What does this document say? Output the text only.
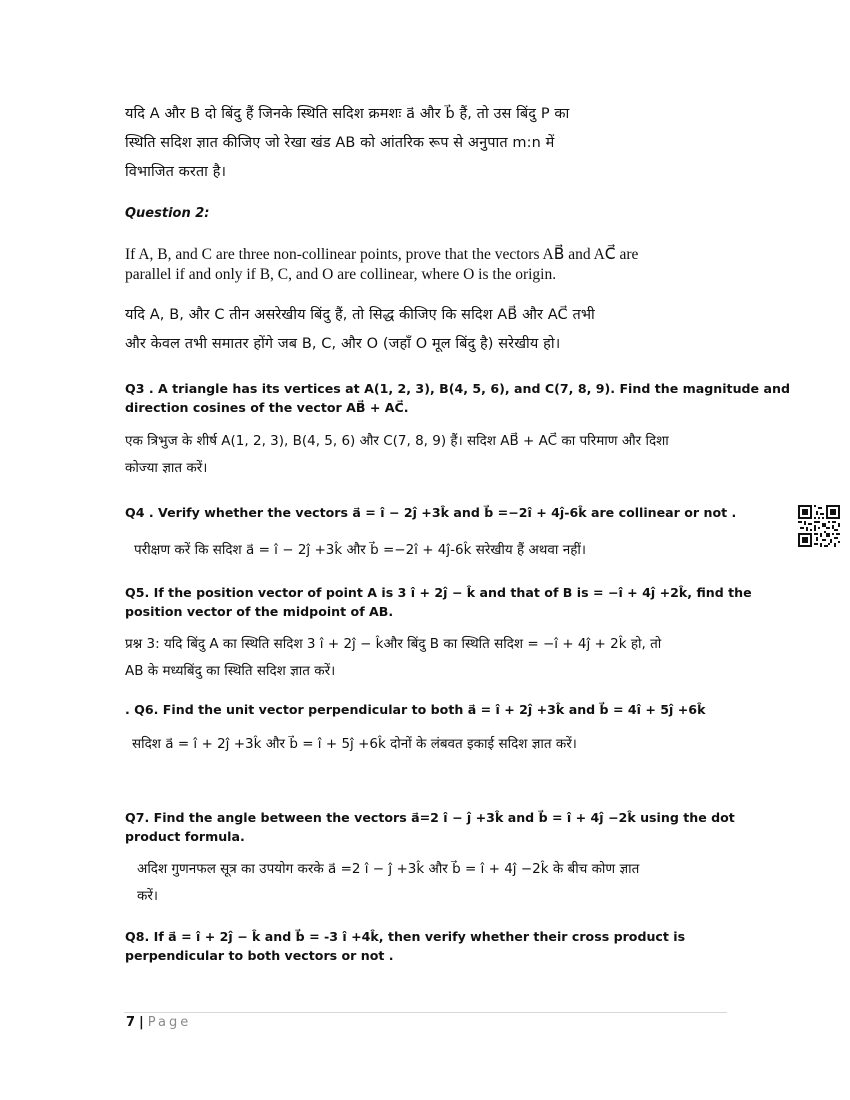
यदि A और B दो बिंदु हैं जिनके स्थिति सदिश क्रमशः a⃗ और b⃗ हैं, तो उस बिंदु P का
स्थिति सदिश ज्ञात कीजिए जो रेखा खंड AB को आंतरिक रूप से अनुपात m:n में
विभाजित करता है।
Question 2:
If A, B, and C are three non-collinear points, prove that the vectors AB⃗ and AC⃗ are
parallel if and only if B, C, and O are collinear, where O is the origin.
यदि A, B, और C तीन असरेखीय बिंदु हैं, तो सिद्ध कीजिए कि सदिश AB⃗ और AC⃗ तभी
और केवल तभी समातर होंगे जब B, C, और O (जहाँ O मूल बिंदु है) सरेखीय हो।
Q3 . A triangle has its vertices at A(1, 2, 3), B(4, 5, 6), and C(7, 8, 9). Find the magnitude and
direction cosines of the vector AB⃗ + AC⃗.
एक त्रिभुज के शीर्ष A(1, 2, 3), B(4, 5, 6) और C(7, 8, 9) हैं। सदिश AB⃗ + AC⃗ का परिमाण और दिशा
कोज्या ज्ञात करें।
Q4 . Verify whether the vectors a⃗ = î − 2ĵ +3k̂ and b⃗ =−2î + 4ĵ-6k̂ are collinear or not .
परीक्षण करें कि सदिश a⃗ = î − 2ĵ +3k̂ और b⃗ =−2î + 4ĵ-6k̂ सरेखीय हैं अथवा नहीं।
Q5. If the position vector of point A is 3 î + 2ĵ − k̂ and that of B is = −î + 4ĵ +2k̂, find the
position vector of the midpoint of AB.
प्रश्न 3: यदि बिंदु A का स्थिति सदिश 3 î + 2ĵ − k̂और बिंदु B का स्थिति सदिश = −î + 4ĵ + 2k̂ हो, तो
AB के मध्यबिंदु का स्थिति सदिश ज्ञात करें।
. Q6. Find the unit vector perpendicular to both a⃗ = î + 2ĵ +3k̂ and b⃗ = 4î + 5ĵ +6k̂
सदिश a⃗ = î + 2ĵ +3k̂ और b⃗ = î + 5ĵ +6k̂ दोनों के लंबवत इकाई सदिश ज्ञात करें।
Q7. Find the angle between the vectors a⃗=2 î − ĵ +3k̂ and b⃗ = î + 4ĵ −2k̂ using the dot
product formula.
अदिश गुणनफल सूत्र का उपयोग करके a⃗ =2 î − ĵ +3k̂ और b⃗ = î + 4ĵ −2k̂ के बीच कोण ज्ञात
करें।
Q8. If a⃗ = î + 2ĵ − k̂ and b⃗ = -3 î +4k̂, then verify whether their cross product is
perpendicular to both vectors or not .
7 | Page
